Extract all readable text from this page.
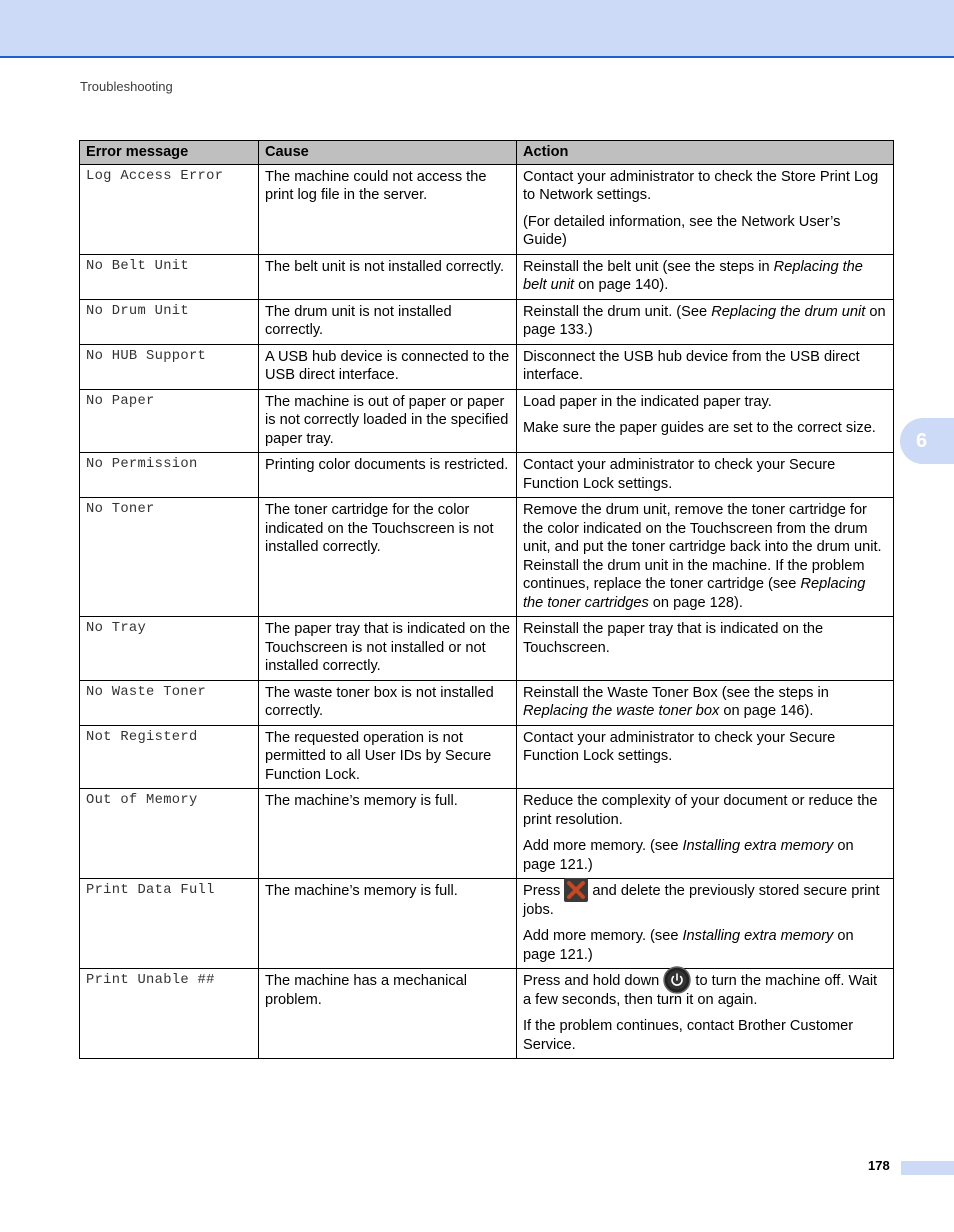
Troubleshooting
6
Error message	Cause	Action
Log Access Error	The machine could not access the print log file in the server.	Contact your administrator to check the Store Print Log to Network settings.

(For detailed information, see the Network User’s Guide)

No Belt Unit	The belt unit is not installed correctly.	Reinstall the belt unit (see the steps in Replacing the belt unit on page 140).

No Drum Unit	The drum unit is not installed correctly.	Reinstall the drum unit. (See Replacing the drum unit on page 133.)

No HUB Support	A USB hub device is connected to the USB direct interface.	Disconnect the USB hub device from the USB direct interface.

No Paper	The machine is out of paper or paper is not correctly loaded in the specified paper tray.	Load paper in the indicated paper tray.

Make sure the paper guides are set to the correct size.

No Permission	Printing color documents is restricted.	Contact your administrator to check your Secure Function Lock settings.

No Toner	The toner cartridge for the color indicated on the Touchscreen is not installed correctly.	Remove the drum unit, remove the toner cartridge for the color indicated on the Touchscreen from the drum unit, and put the toner cartridge back into the drum unit. Reinstall the drum unit in the machine. If the problem continues, replace the toner cartridge (see Replacing the toner cartridges on page 128).

No Tray	The paper tray that is indicated on the Touchscreen is not installed or not installed correctly.	Reinstall the paper tray that is indicated on the Touchscreen.

No Waste Toner	The waste toner box is not installed correctly.	Reinstall the Waste Toner Box (see the steps in Replacing the waste toner box on page 146).

Not Registerd	The requested operation is not permitted to all User IDs by Secure Function Lock.	Contact your administrator to check your Secure Function Lock settings.

Out of Memory	The machine’s memory is full.	Reduce the complexity of your document or reduce the print resolution.

Add more memory. (see Installing extra memory on page 121.)

Print Data Full	The machine’s memory is full.	Press  and delete the previously stored secure print jobs.

Add more memory. (see Installing extra memory on page 121.)

Print Unable ##	The machine has a mechanical problem.	Press and hold down  to turn the machine off. Wait a few seconds, then turn it on again.

If the problem continues, contact Brother Customer Service.

178
